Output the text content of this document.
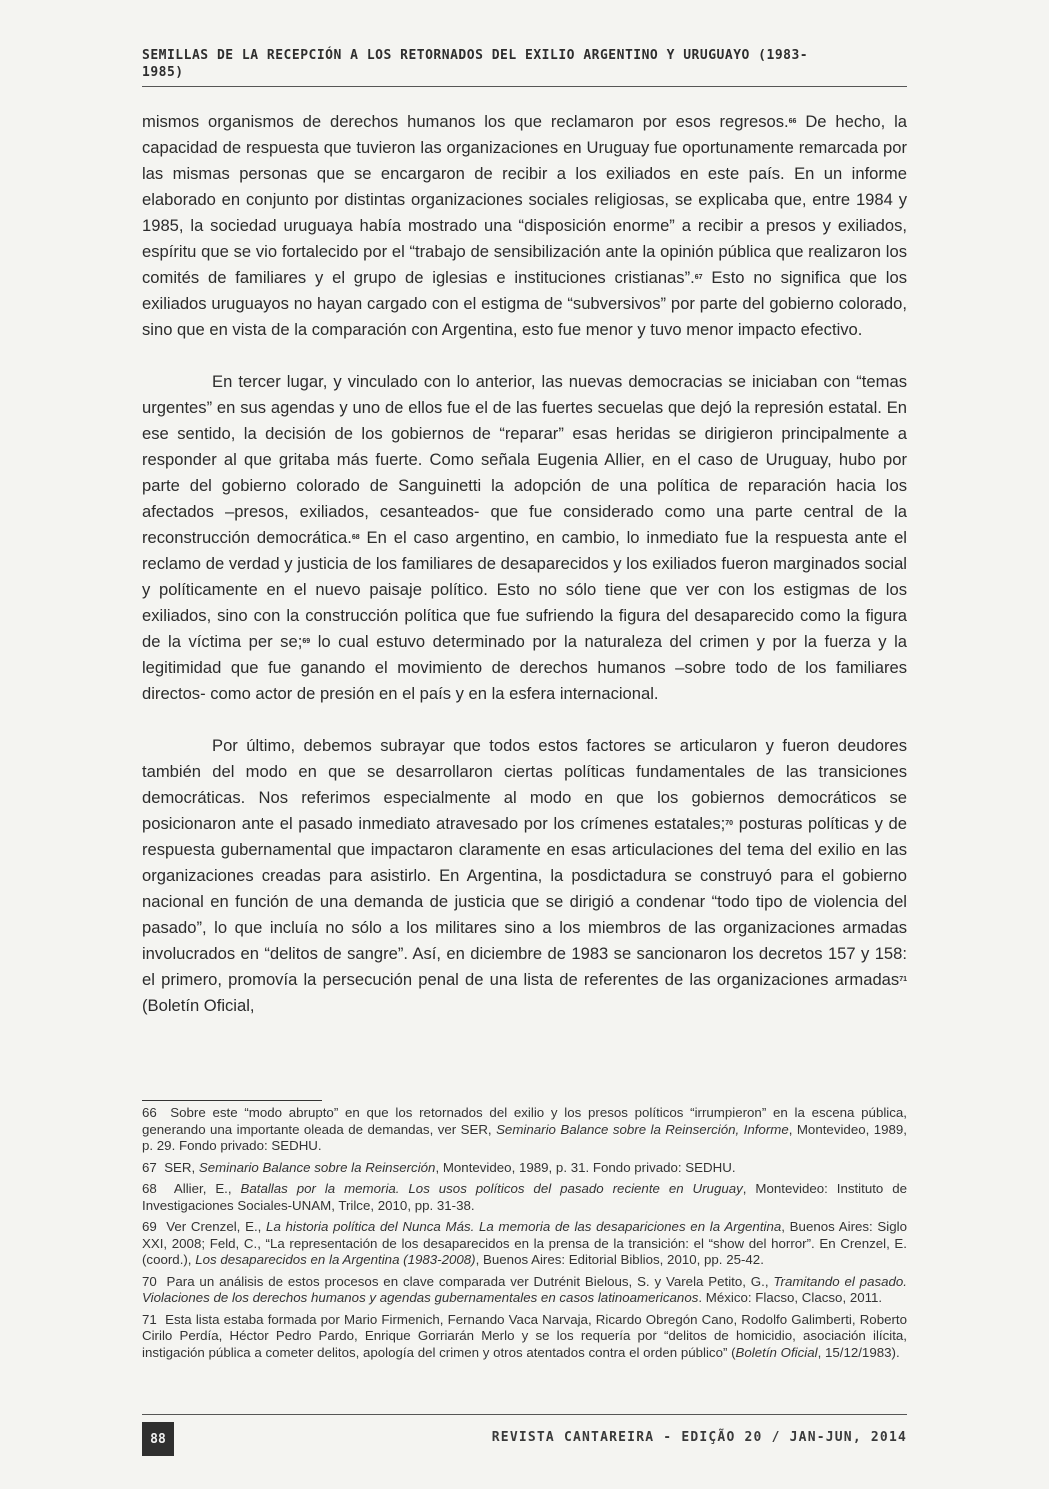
SEMILLAS DE LA RECEPCIÓN A LOS RETORNADOS DEL EXILIO ARGENTINO Y URUGUAYO (1983-1985)

mismos organismos de derechos humanos los que reclamaron por esos regresos.$^{66}$ De hecho, la capacidad de respuesta que tuvieron las organizaciones en Uruguay fue oportunamente remarcada por las mismas personas que se encargaron de recibir a los exiliados en este país. En un informe elaborado en conjunto por distintas organizaciones sociales religiosas, se explicaba que, entre 1984 y 1985, la sociedad uruguaya había mostrado una “disposición enorme” a recibir a presos y exiliados, espíritu que se vio fortalecido por el “trabajo de sensibilización ante la opinión pública que realizaron los comités de familiares y el grupo de iglesias e instituciones cristianas”.$^{67}$ Esto no significa que los exiliados uruguayos no hayan cargado con el estigma de “subversivos” por parte del gobierno colorado, sino que en vista de la comparación con Argentina, esto fue menor y tuvo menor impacto efectivo.

En tercer lugar, y vinculado con lo anterior, las nuevas democracias se iniciaban con “temas urgentes” en sus agendas y uno de ellos fue el de las fuertes secuelas que dejó la represión estatal. En ese sentido, la decisión de los gobiernos de “reparar” esas heridas se dirigieron principalmente a responder al que gritaba más fuerte. Como señala Eugenia Allier, en el caso de Uruguay, hubo por parte del gobierno colorado de Sanguinetti la adopción de una política de reparación hacia los afectados –presos, exiliados, cesanteados- que fue considerado como una parte central de la reconstrucción democrática.$^{68}$ En el caso argentino, en cambio, lo inmediato fue la respuesta ante el reclamo de verdad y justicia de los familiares de desaparecidos y los exiliados fueron marginados social y políticamente en el nuevo paisaje político. Esto no sólo tiene que ver con los estigmas de los exiliados, sino con la construcción política que fue sufriendo la figura del desaparecido como la figura de la víctima per se;$^{69}$ lo cual estuvo determinado por la naturaleza del crimen y por la fuerza y la legitimidad que fue ganando el movimiento de derechos humanos –sobre todo de los familiares directos- como actor de presión en el país y en la esfera internacional.

Por último, debemos subrayar que todos estos factores se articularon y fueron deudores también del modo en que se desarrollaron ciertas políticas fundamentales de las transiciones democráticas. Nos referimos especialmente al modo en que los gobiernos democráticos se posicionaron ante el pasado inmediato atravesado por los crímenes estatales;$^{70}$ posturas políticas y de respuesta gubernamental que impactaron claramente en esas articulaciones del tema del exilio en las organizaciones creadas para asistirlo. En Argentina, la posdictadura se construyó para el gobierno nacional en función de una demanda de justicia que se dirigió a condenar “todo tipo de violencia del pasado”, lo que incluía no sólo a los militares sino a los miembros de las organizaciones armadas involucrados en “delitos de sangre”. Así, en diciembre de 1983 se sancionaron los decretos 157 y 158: el primero, promovía la persecución penal de una lista de referentes de las organizaciones armadas$^{71}$ (Boletín Oficial,

66 Sobre este “modo abrupto” en que los retornados del exilio y los presos políticos “irrumpieron” en la escena pública, generando una importante oleada de demandas, ver SER, Seminario Balance sobre la Reinserción, Informe, Montevideo, 1989, p. 29. Fondo privado: SEDHU.

67 SER, Seminario Balance sobre la Reinserción, Montevideo, 1989, p. 31. Fondo privado: SEDHU.

68 Allier, E., Batallas por la memoria. Los usos políticos del pasado reciente en Uruguay, Montevideo: Instituto de Investigaciones Sociales-UNAM, Trilce, 2010, pp. 31-38.

69 Ver Crenzel, E., La historia política del Nunca Más. La memoria de las desapariciones en la Argentina, Buenos Aires: Siglo XXI, 2008; Feld, C., “La representación de los desaparecidos en la prensa de la transición: el “show del horror”. En Crenzel, E. (coord.), Los desaparecidos en la Argentina (1983-2008), Buenos Aires: Editorial Biblios, 2010, pp. 25-42.

70 Para un análisis de estos procesos en clave comparada ver Dutrénit Bielous, S. y Varela Petito, G., Tramitando el pasado. Violaciones de los derechos humanos y agendas gubernamentales en casos latinoamericanos. México: Flacso, Clacso, 2011.

71 Esta lista estaba formada por Mario Firmenich, Fernando Vaca Narvaja, Ricardo Obregón Cano, Rodolfo Galimberti, Roberto Cirilo Perdía, Héctor Pedro Pardo, Enrique Gorriarán Merlo y se los requería por “delitos de homicidio, asociación ilícita, instigación pública a cometer delitos, apología del crimen y otros atentados contra el orden público” (Boletín Oficial, 15/12/1983).

88	REVISTA CANTAREIRA - EDIÇÃO 20 / JAN-JUN, 2014
